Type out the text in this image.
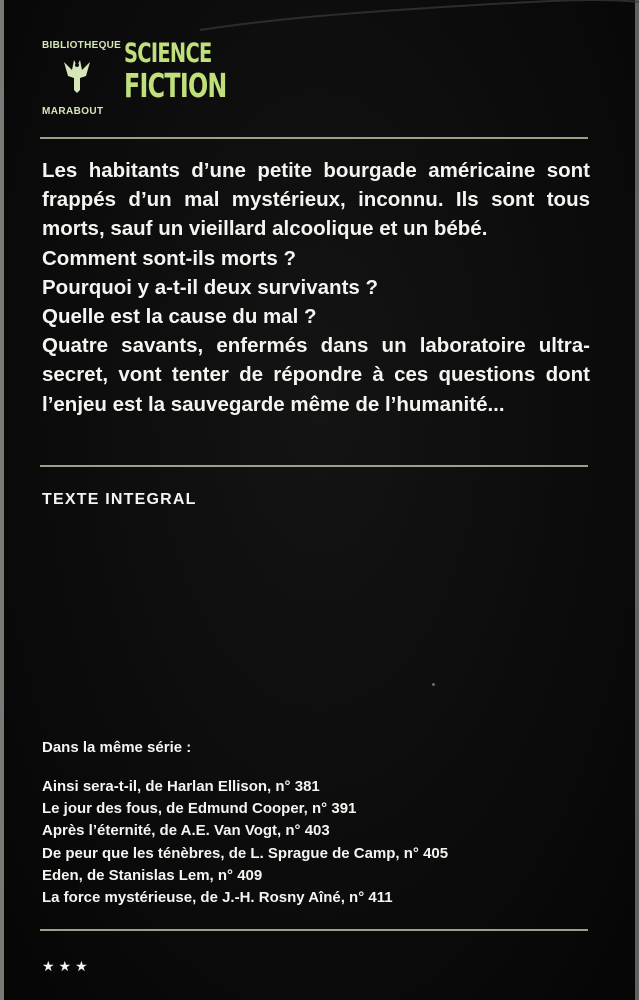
BIBLIOTHEQUE
MARABOUT
SCIENCE
FICTION

Les habitants d’une petite bourgade américaine sont frappés d’un mal mystérieux, inconnu. Ils sont tous morts, sauf un vieillard alcoolique et un bébé.

Comment sont-ils morts ?

Pourquoi y a-t-il deux survivants ?

Quelle est la cause du mal ?

Quatre savants, enfermés dans un laboratoire ultra-secret, vont tenter de répondre à ces questions dont l’enjeu est la sauvegarde même de l’humanité...

TEXTE INTEGRAL
Dans la même série :
Ainsi sera-t-il, de Harlan Ellison, n° 381
Le jour des fous, de Edmund Cooper, n° 391
Après l’éternité, de A.E. Van Vogt, n° 403
De peur que les ténèbres, de L. Sprague de Camp, n° 405
Eden, de Stanislas Lem, n° 409
La force mystérieuse, de J.-H. Rosny Aîné, n° 411
★★★
